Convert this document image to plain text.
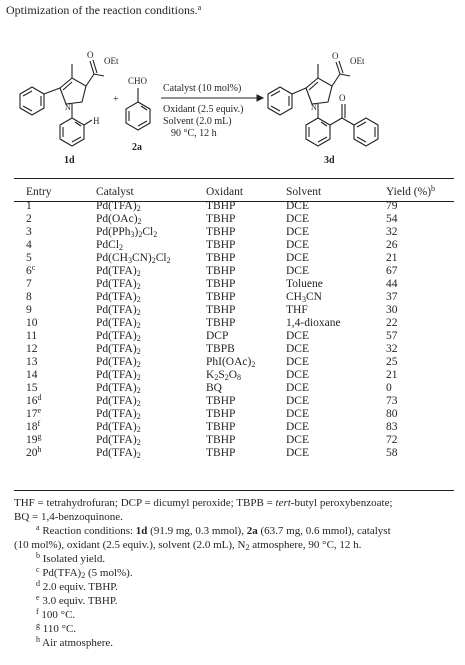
Optimization of the reaction conditions.$^a$
OEt
O
N
H
1d
+
CHO
2a
Catalyst (10 mol%)
Oxidant (2.5 equiv.)
Solvent (2.0 mL)
90 °C, 12 h
OEt
O
N
O
3d
Entry	Catalyst	Oxidant	Solvent	Yield (%)$^b$
1	$Pd(TFA)_2$	TBHP	DCE	79
2	$Pd(OAc)_2$	TBHP	DCE	54
3	$Pd(PPh_3)_2Cl_2$	TBHP	DCE	32
4	PdCl$_2$	TBHP	DCE	26
5	$Pd(CH_3CN)_2Cl_2$	TBHP	DCE	21
6$^c$	$Pd(TFA)_2$	TBHP	DCE	67
7	$Pd(TFA)_2$	TBHP	Toluene	44
8	$Pd(TFA)_2$	TBHP	$CH_3CN$	37
9	$Pd(TFA)_2$	TBHP	THF	30
10	$Pd(TFA)_2$	TBHP	1,4-dioxane	22
11	$Pd(TFA)_2$	DCP	DCE	57
12	$Pd(TFA)_2$	TBPB	DCE	32
13	$Pd(TFA)_2$	$PhI(OAc)_2$	DCE	25
14	$Pd(TFA)_2$	$K_2S_2O_8$	DCE	21
15	$Pd(TFA)_2$	BQ	DCE	0
16$^d$	$Pd(TFA)_2$	TBHP	DCE	73
17e	$Pd(TFA)_2$	TBHP	DCE	80
18$^f$	$Pd(TFA)_2$	TBHP	DCE	83
19$^g$	$Pd(TFA)_2$	TBHP	DCE	72
20$^h$	$Pd(TFA)_2$	TBHP	DCE	58
THF = tetrahydrofuran; DCP = dicumyl peroxide; TBPB = tert-butyl peroxybenzoate;
BQ = 1,4-benzoquinone.
$^a$ Reaction conditions: 1d (91.9 mg, 0.3 mmol), 2a (63.7 mg, 0.6 mmol), catalyst
(10 mol%), oxidant (2.5 equiv.), solvent (2.0 mL), $N_2$ atmosphere, 90 °C, 12 h.
$^b$ Isolated yield.
$^c$ $Pd(TFA)_2$ (5 mol%).
$^d$ 2.0 equiv. TBHP.
$^e$ 3.0 equiv. TBHP.
$^f$ 100 °C.
$^g$ 110 °C.
$^h$ Air atmosphere.
